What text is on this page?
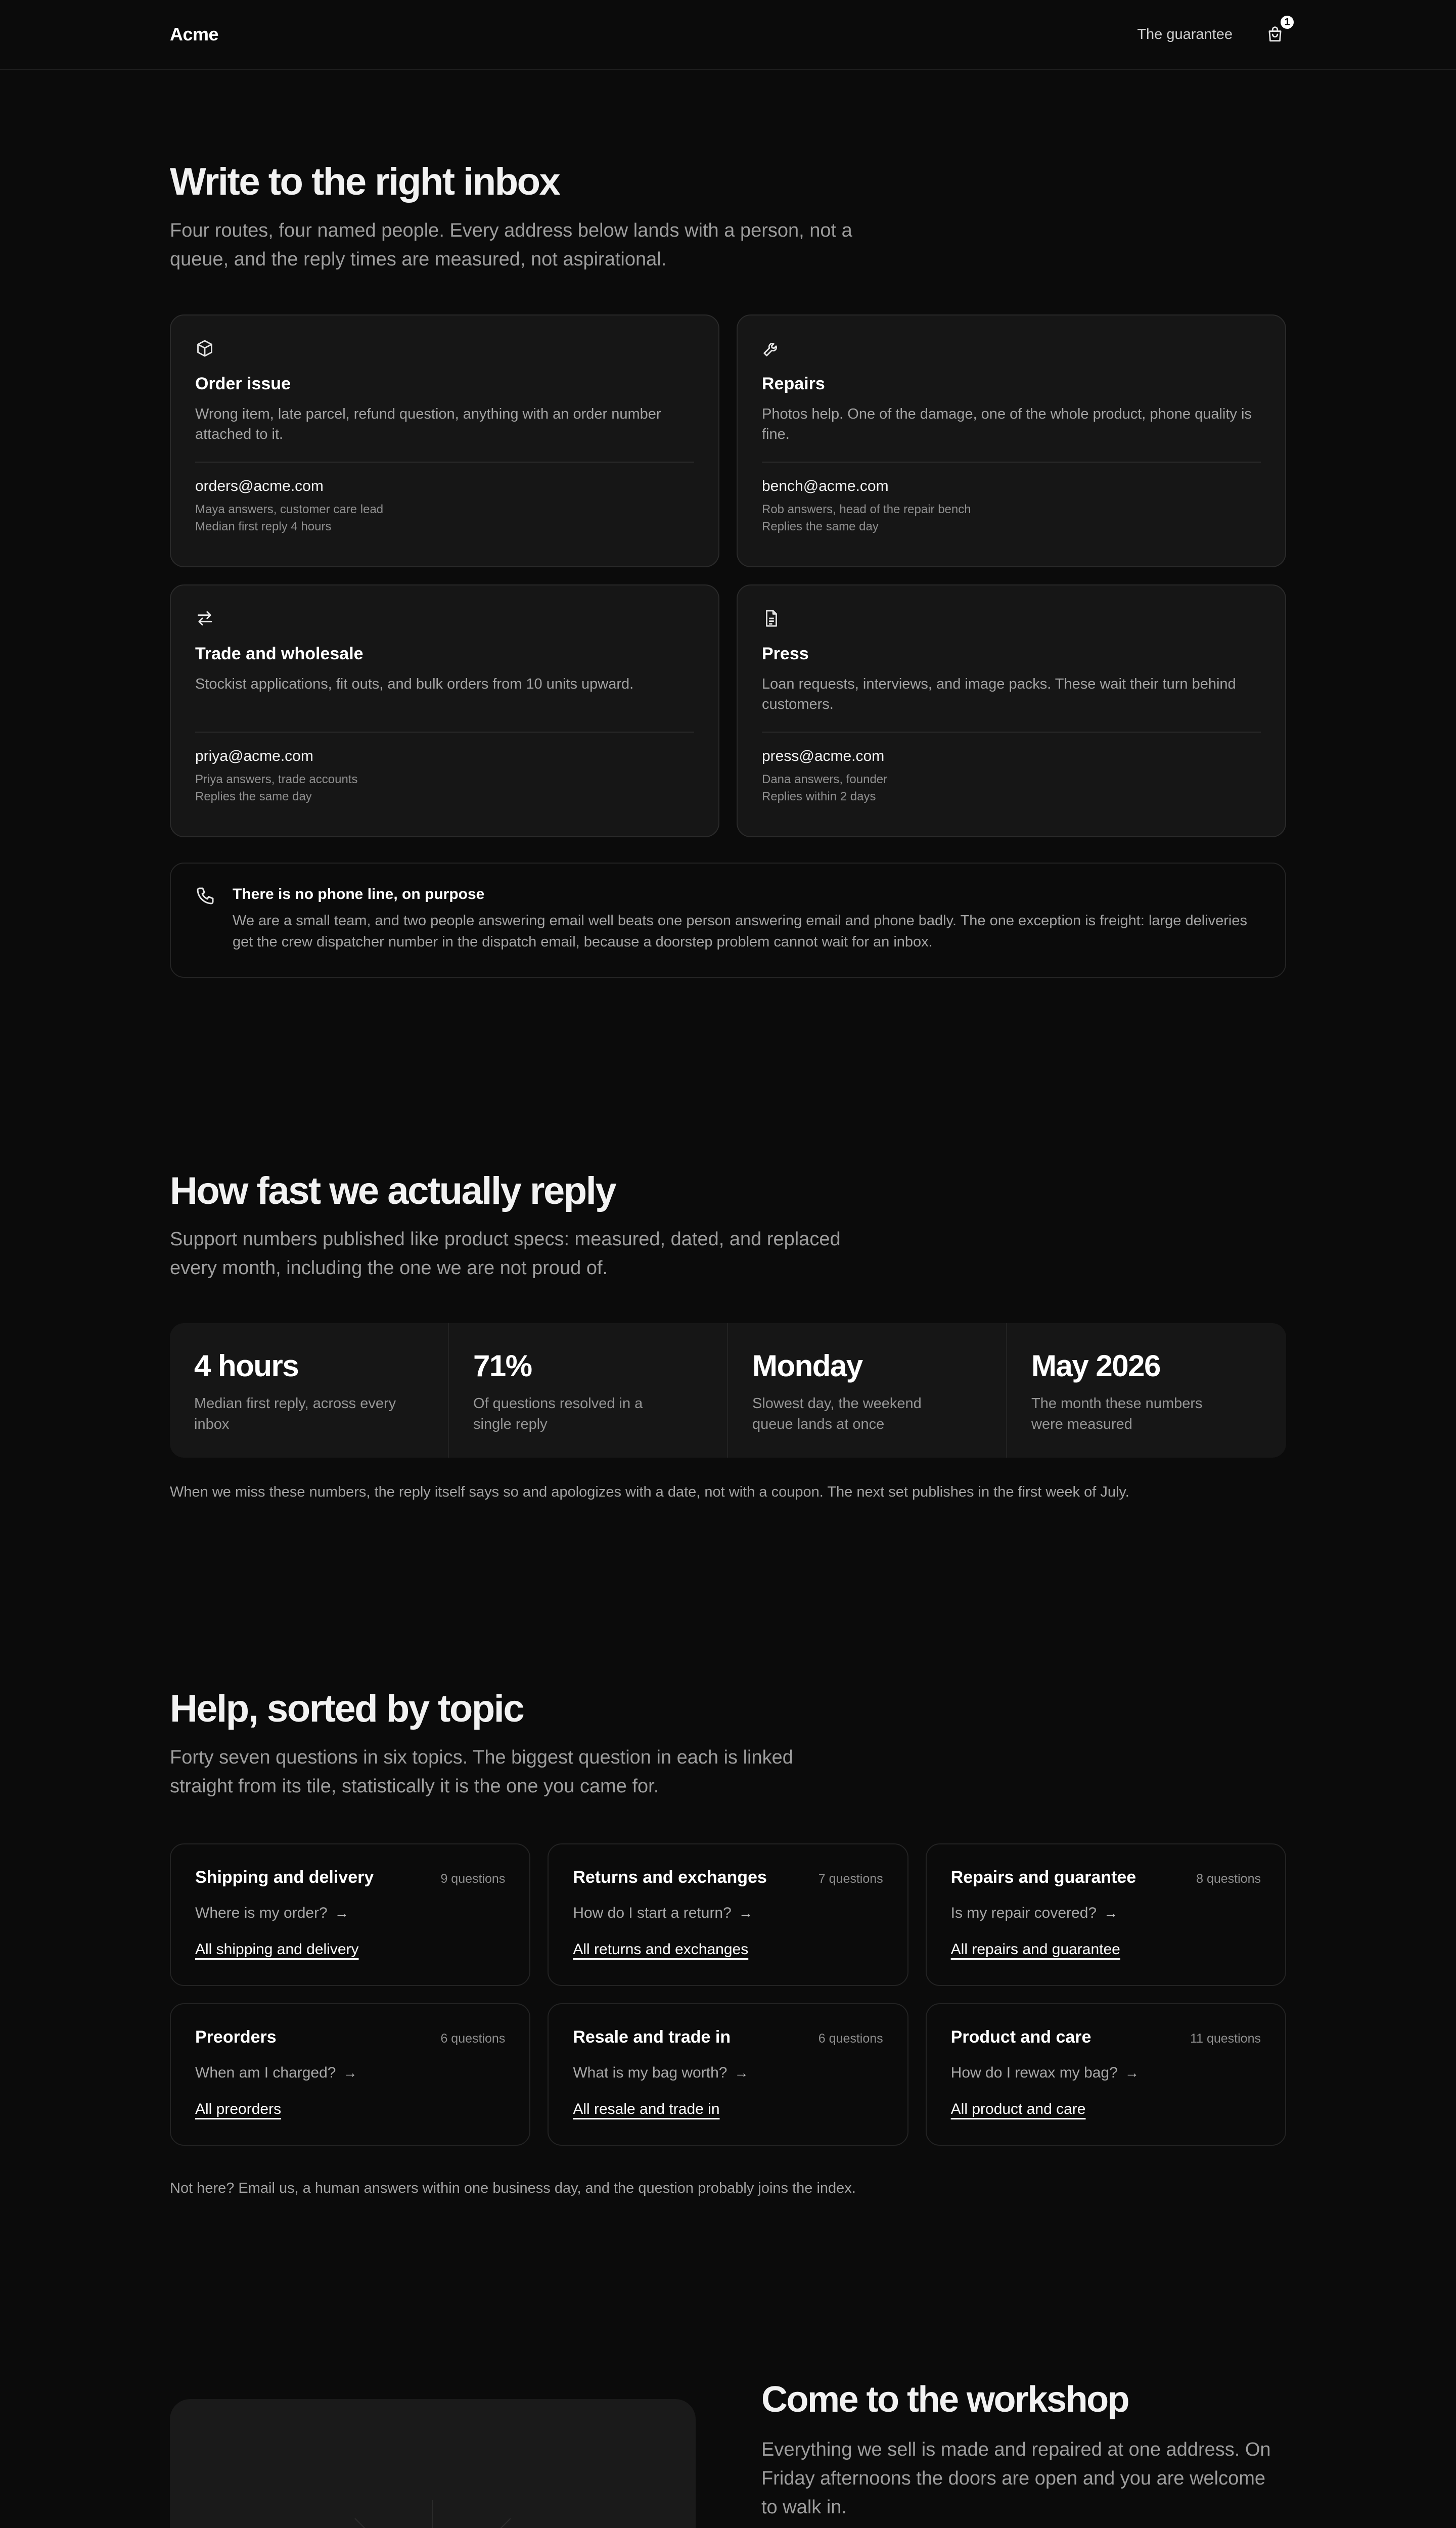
Acme	The guarantee
1
Write to the right inbox

Four routes, four named people. Every address below lands with a person, not a queue, and the reply times are measured, not aspirational.

Order issue
Wrong item, late parcel, refund question, anything with an order number attached to it.
orders@acme.com
Maya answers, customer care lead
Median first reply 4 hours
Repairs
Photos help. One of the damage, one of the whole product, phone quality is fine.
bench@acme.com
Rob answers, head of the repair bench
Replies the same day
Trade and wholesale
Stockist applications, fit outs, and bulk orders from 10 units upward.
priya@acme.com
Priya answers, trade accounts
Replies the same day
Press
Loan requests, interviews, and image packs. These wait their turn behind customers.
press@acme.com
Dana answers, founder
Replies within 2 days
There is no phone line, on purpose
We are a small team, and two people answering email well beats one person answering email and phone badly. The one exception is freight: large deliveries get the crew dispatcher number in the dispatch email, because a doorstep problem cannot wait for an inbox.
How fast we actually reply

Support numbers published like product specs: measured, dated, and replaced every month, including the one we are not proud of.

4 hours
Median first reply, across every inbox
71%
Of questions resolved in a single reply
Monday
Slowest day, the weekend queue lands at once
May 2026
The month these numbers were measured

When we miss these numbers, the reply itself says so and apologizes with a date, not with a coupon. The next set publishes in the first week of July.

Help, sorted by topic

Forty seven questions in six topics. The biggest question in each is linked straight from its tile, statistically it is the one you came for.

Shipping and delivery	9 questions
Where is my order? →
All shipping and delivery
Returns and exchanges	7 questions
How do I start a return? →
All returns and exchanges
Repairs and guarantee	8 questions
Is my repair covered? →
All repairs and guarantee
Preorders	6 questions
When am I charged? →
All preorders
Resale and trade in	6 questions
What is my bag worth? →
All resale and trade in
Product and care	11 questions
How do I rewax my bag? →
All product and care

Not here? Email us, a human answers within one business day, and the question probably joins the index.

Come to the workshop

Everything we sell is made and repaired at one address. On Friday afternoons the doors are open and you are welcome to walk in.
